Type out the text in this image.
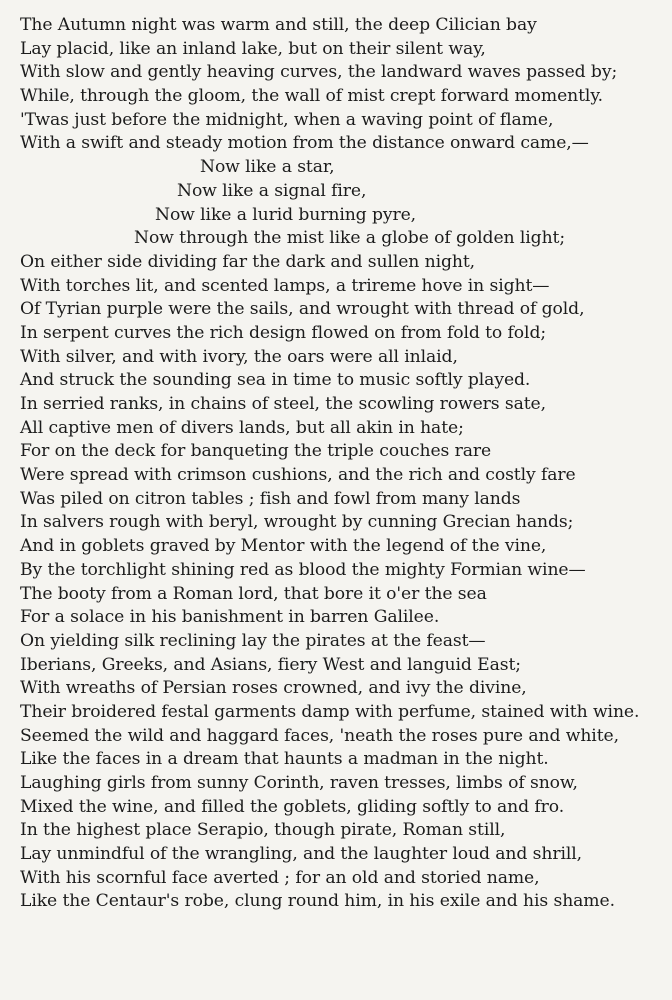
The Autumn night was warm and still, the deep Cilician bay
Lay placid, like an inland lake, but on their silent way,
With slow and gently heaving curves, the landward waves passed by;
While, through the gloom, the wall of mist crept forward momently.
'Twas just before the midnight, when a waving point of flame,
With a swift and steady motion from the distance onward came,—
Now like a star,
Now like a signal fire,
Now like a lurid burning pyre,
Now through the mist like a globe of golden light;
On either side dividing far the dark and sullen night,
With torches lit, and scented lamps, a trireme hove in sight—
Of Tyrian purple were the sails, and wrought with thread of gold,
In serpent curves the rich design flowed on from fold to fold;
With silver, and with ivory, the oars were all inlaid,
And struck the sounding sea in time to music softly played.
In serried ranks, in chains of steel, the scowling rowers sate,
All captive men of divers lands, but all akin in hate;
For on the deck for banqueting the triple couches rare
Were spread with crimson cushions, and the rich and costly fare
Was piled on citron tables ; fish and fowl from many lands
In salvers rough with beryl, wrought by cunning Grecian hands;
And in goblets graved by Mentor with the legend of the vine,
By the torchlight shining red as blood the mighty Formian wine—
The booty from a Roman lord, that bore it o'er the sea
For a solace in his banishment in barren Galilee.
On yielding silk reclining lay the pirates at the feast—
Iberians, Greeks, and Asians, fiery West and languid East;
With wreaths of Persian roses crowned, and ivy the divine,
Their broidered festal garments damp with perfume, stained with wine.
Seemed the wild and haggard faces, 'neath the roses pure and white,
Like the faces in a dream that haunts a madman in the night.
Laughing girls from sunny Corinth, raven tresses, limbs of snow,
Mixed the wine, and filled the goblets, gliding softly to and fro.
In the highest place Serapio, though pirate, Roman still,
Lay unmindful of the wrangling, and the laughter loud and shrill,
With his scornful face averted ; for an old and storied name,
Like the Centaur's robe, clung round him, in his exile and his shame.
